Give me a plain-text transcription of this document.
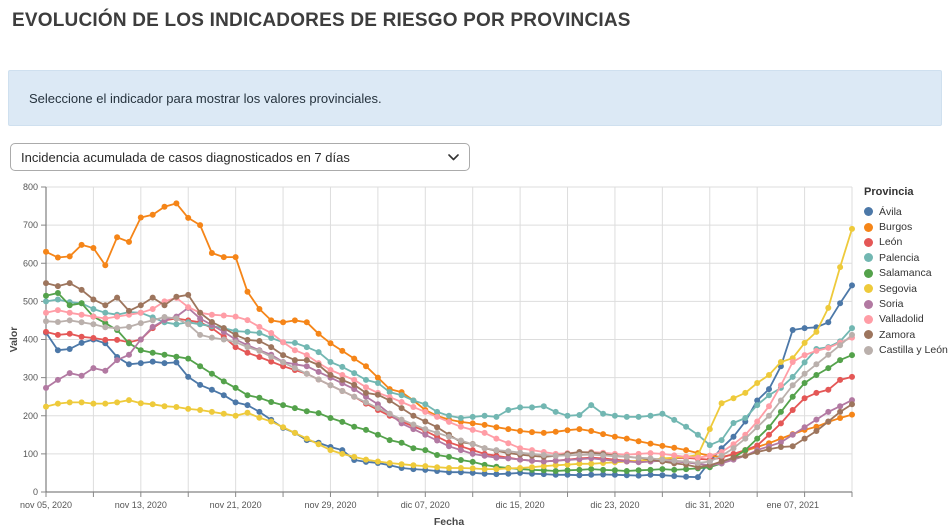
EVOLUCIÓN DE LOS INDICADORES DE RIESGO POR PROVINCIAS
Seleccione el indicador para mostrar los valores provinciales.
Incidencia acumulada de casos diagnosticados en 7 días
0
100
200
300
400
500
600
700
800
nov 05, 2020	nov 13, 2020	nov 21, 2020	nov 29, 2020	dic 07, 2020	dic 15, 2020	dic 23, 2020	dic 31, 2020	ene 07, 2021
Valor
Fecha
Provincia
Ávila
Burgos
León
Palencia
Salamanca
Segovia
Soria
Valladolid
Zamora
Castilla y León
